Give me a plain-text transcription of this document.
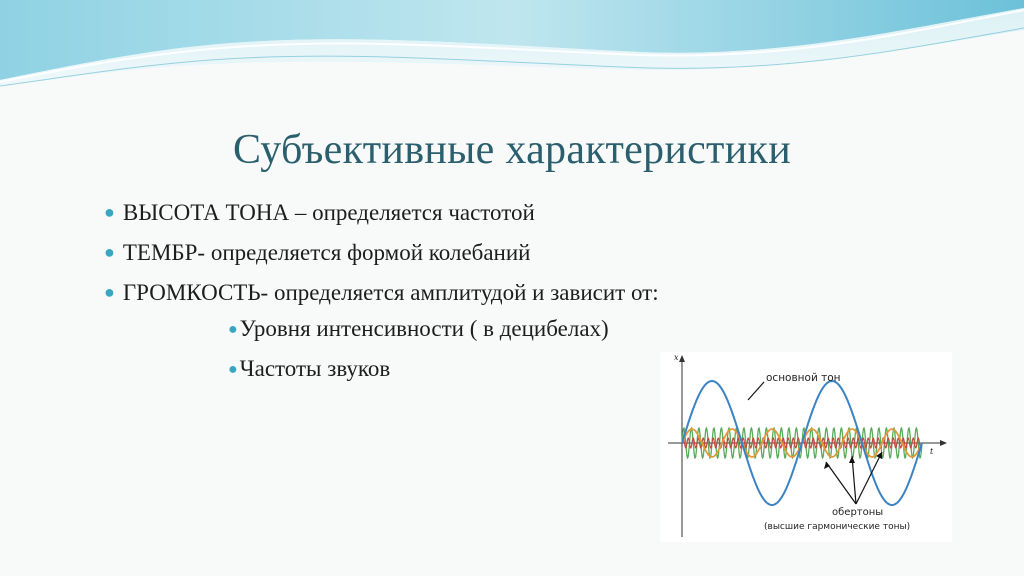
Субъективные характеристики
● ВЫСОТА ТОНА – определяется частотой
● ТЕМБР- определяется формой колебаний
● ГРОМКОСТЬ- определяется амплитудой и зависит от:
●Уровня интенсивности ( в децибелах)
●Частоты звуков	x
t
основной тон
обертоны
(высшие гармонические тоны)
